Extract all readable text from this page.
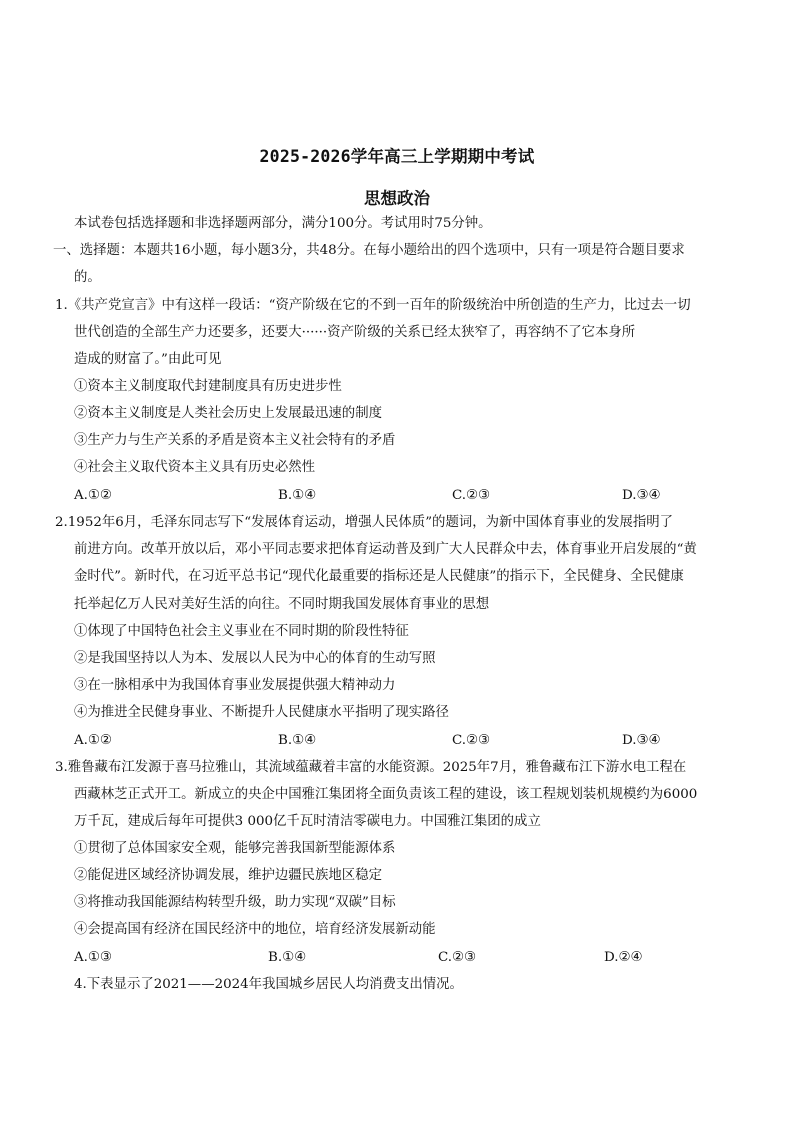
2025-2026学年高三上学期期中考试
思想政治
本试卷包括选择题和非选择题两部分，满分100分。考试用时75分钟。
一、选择题：本题共16小题，每小题3分，共48分。在每小题给出的四个选项中，只有一项是符合题目要求
的。
1.《共产党宣言》中有这样一段话：“资产阶级在它的不到一百年的阶级统治中所创造的生产力，比过去一切
世代创造的全部生产力还要多，还要大······资产阶级的关系已经太狭窄了，再容纳不了它本身所
造成的财富了。”由此可见
①资本主义制度取代封建制度具有历史进步性
②资本主义制度是人类社会历史上发展最迅速的制度
③生产力与生产关系的矛盾是资本主义社会特有的矛盾
④社会主义取代资本主义具有历史必然性
A.①②	B.①④	C.②③	D.③④
2.1952年6月，毛泽东同志写下“发展体育运动，增强人民体质”的题词，为新中国体育事业的发展指明了
前进方向。改革开放以后，邓小平同志要求把体育运动普及到广大人民群众中去，体育事业开启发展的“黄
金时代”。新时代，在习近平总书记“现代化最重要的指标还是人民健康”的指示下，全民健身、全民健康
托举起亿万人民对美好生活的向往。不同时期我国发展体育事业的思想
①体现了中国特色社会主义事业在不同时期的阶段性特征
②是我国坚持以人为本、发展以人民为中心的体育的生动写照
③在一脉相承中为我国体育事业发展提供强大精神动力
④为推进全民健身事业、不断提升人民健康水平指明了现实路径
A.①②	B.①④	C.②③	D.③④
3.雅鲁藏布江发源于喜马拉雅山，其流域蕴藏着丰富的水能资源。2025年7月，雅鲁藏布江下游水电工程在
西藏林芝正式开工。新成立的央企中国雅江集团将全面负责该工程的建设，该工程规划装机规模约为6000
万千瓦，建成后每年可提供3 000亿千瓦时清洁零碳电力。中国雅江集团的成立
①贯彻了总体国家安全观，能够完善我国新型能源体系
②能促进区域经济协调发展，维护边疆民族地区稳定
③将推动我国能源结构转型升级，助力实现“双碳”目标
④会提高国有经济在国民经济中的地位，培育经济发展新动能
A.①③	B.①④	C.②③	D.②④
4.下表显示了2021——2024年我国城乡居民人均消费支出情况。
